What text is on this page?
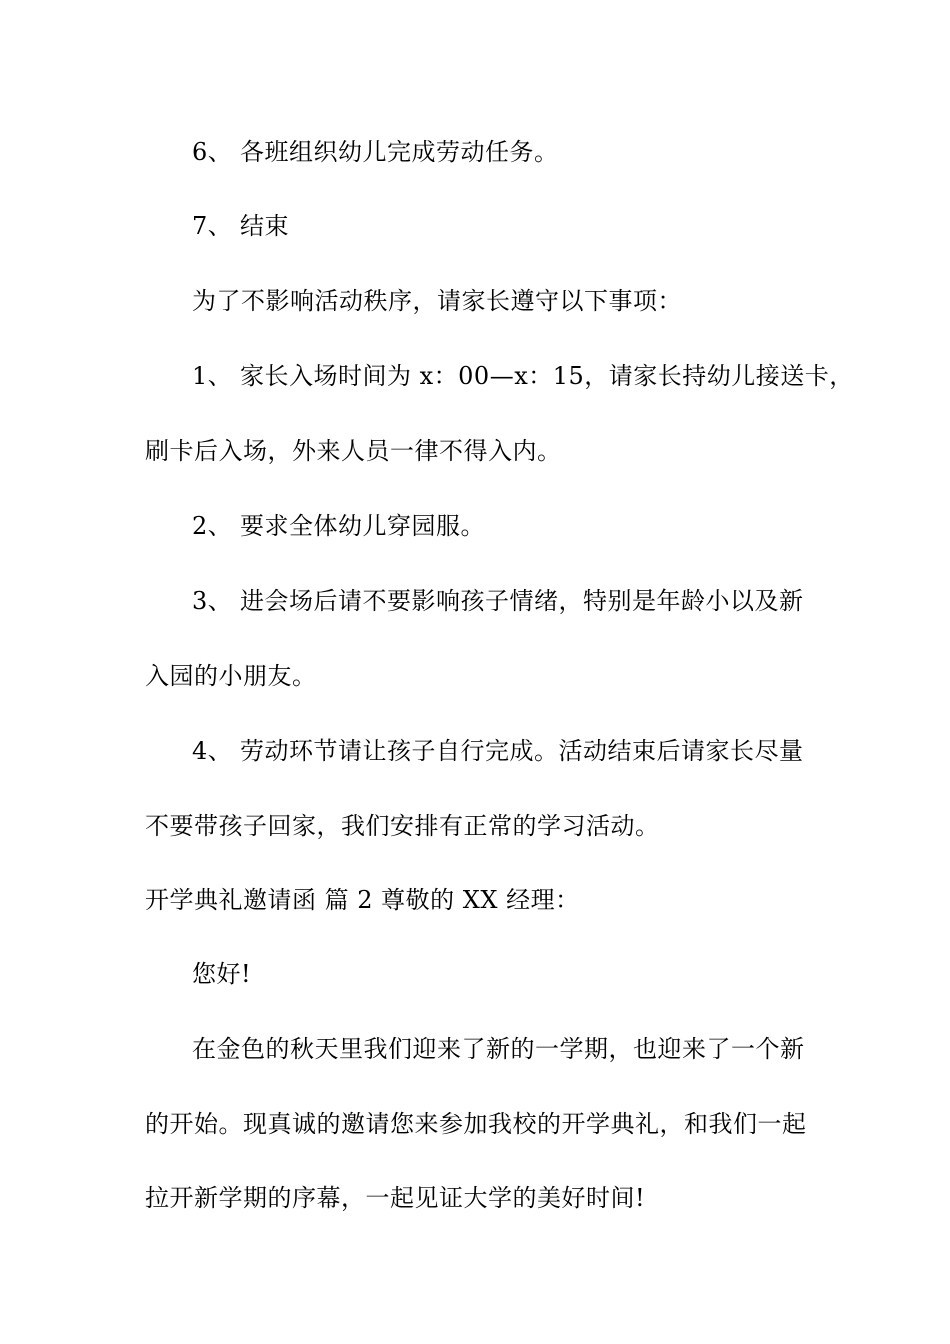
6、 各班组织幼儿完成劳动任务。
7、 结束
为了不影响活动秩序，请家长遵守以下事项：
1、 家长入场时间为 x：00—x：15，请家长持幼儿接送卡，
刷卡后入场，外来人员一律不得入内。
2、 要求全体幼儿穿园服。
3、 进会场后请不要影响孩子情绪，特别是年龄小以及新
入园的小朋友。
4、 劳动环节请让孩子自行完成。活动结束后请家长尽量
不要带孩子回家，我们安排有正常的学习活动。
开学典礼邀请函 篇 2 尊敬的 XX 经理：
您好!
在金色的秋天里我们迎来了新的一学期，也迎来了一个新
的开始。现真诚的邀请您来参加我校的开学典礼，和我们一起
拉开新学期的序幕，一起见证大学的美好时间!
